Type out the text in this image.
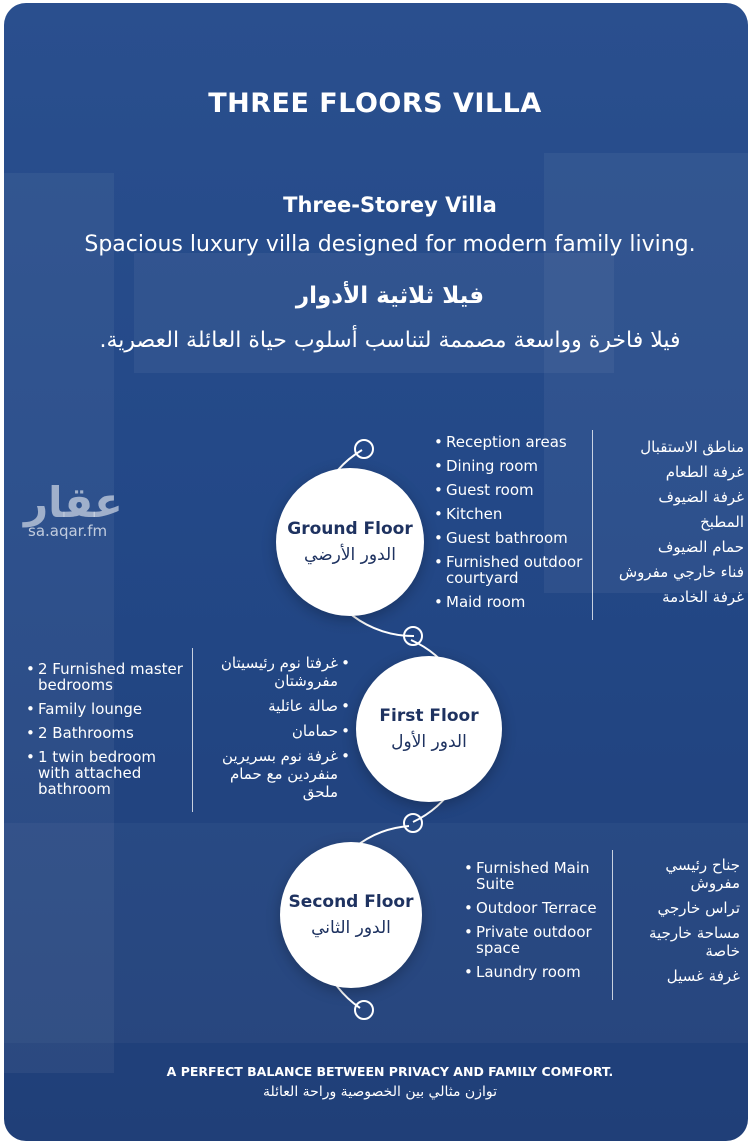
THREE FLOORS VILLA
Three-Storey Villa
Spacious luxury villa designed for modern family living.
فيلا ثلاثية الأدوار
فيلا فاخرة وواسعة مصممة لتناسب أسلوب حياة العائلة العصرية.
عقار
sa.aqar.fm	Ground Floor
الدور الأرضي
• Reception areas
• Dining room
• Guest room
• Kitchen
• Guest bathroom
• Furnished outdoor courtyard
• Maid room
مناطق الاستقبال
غرفة الطعام
غرفة الضيوف
المطبخ
حمام الضيوف
فناء خارجي مفروش
غرفة الخادمة
First Floor
الدور الأول
• 2 Furnished master bedrooms
• Family lounge
• 2 Bathrooms
• 1 twin bedroom with attached bathroom
• غرفتا نوم رئيسيتان مفروشتان
• صالة عائلية
• حمامان
• غرفة نوم بسريرين منفردين مع حمام ملحق
Second Floor
الدور الثاني
• Furnished Main Suite
• Outdoor Terrace
• Private outdoor space
• Laundry room
جناح رئيسي مفروش
تراس خارجي
مساحة خارجية خاصة
غرفة غسيل
A PERFECT BALANCE BETWEEN PRIVACY AND FAMILY COMFORT.
توازن مثالي بين الخصوصية وراحة العائلة
